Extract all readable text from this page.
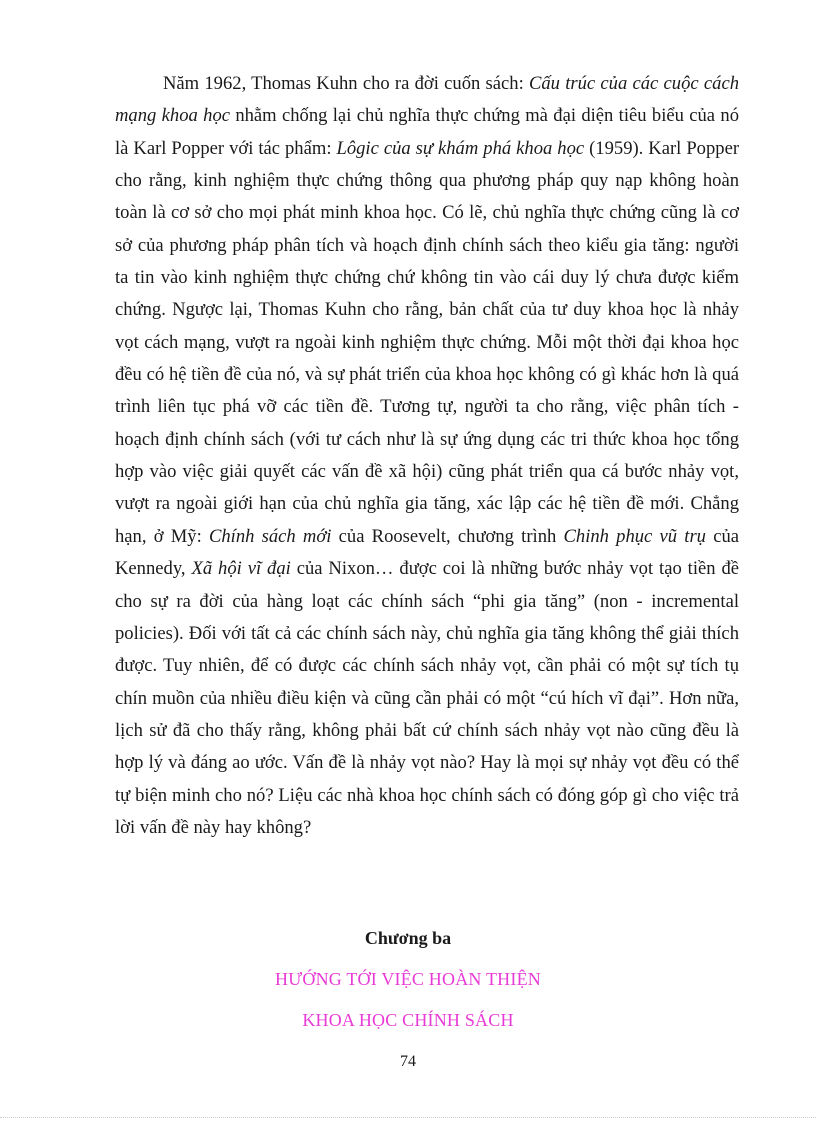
Năm 1962, Thomas Kuhn cho ra đời cuốn sách: Cấu trúc của các cuộc cách mạng khoa học nhằm chống lại chủ nghĩa thực chứng mà đại diện tiêu biểu của nó là Karl Popper với tác phẩm: Lôgic của sự khám phá khoa học (1959). Karl Popper cho rằng, kinh nghiệm thực chứng thông qua phương pháp quy nạp không hoàn toàn là cơ sở cho mọi phát minh khoa học. Có lẽ, chủ nghĩa thực chứng cũng là cơ sở của phương pháp phân tích và hoạch định chính sách theo kiểu gia tăng: người ta tin vào kinh nghiệm thực chứng chứ không tin vào cái duy lý chưa được kiểm chứng. Ngược lại, Thomas Kuhn cho rằng, bản chất của tư duy khoa học là nhảy vọt cách mạng, vượt ra ngoài kinh nghiệm thực chứng. Mỗi một thời đại khoa học đều có hệ tiền đề của nó, và sự phát triển của khoa học không có gì khác hơn là quá trình liên tục phá vỡ các tiền đề. Tương tự, người ta cho rằng, việc phân tích - hoạch định chính sách (với tư cách như là sự ứng dụng các tri thức khoa học tổng hợp vào việc giải quyết các vấn đề xã hội) cũng phát triển qua cá bước nhảy vọt, vượt ra ngoài giới hạn của chủ nghĩa gia tăng, xác lập các hệ tiền đề mới. Chẳng hạn, ở Mỹ: Chính sách mới của Roosevelt, chương trình Chinh phục vũ trụ của Kennedy, Xã hội vĩ đại của Nixon… được coi là những bước nhảy vọt tạo tiền đề cho sự ra đời của hàng loạt các chính sách “phi gia tăng” (non - incremental policies). Đối với tất cả các chính sách này, chủ nghĩa gia tăng không thể giải thích được. Tuy nhiên, để có được các chính sách nhảy vọt, cần phải có một sự tích tụ chín muồn của nhiều điều kiện và cũng cần phải có một “cú hích vĩ đại”. Hơn nữa, lịch sử đã cho thấy rằng, không phải bất cứ chính sách nhảy vọt nào cũng đều là hợp lý và đáng ao ước. Vấn đề là nhảy vọt nào? Hay là mọi sự nhảy vọt đều có thể tự biện minh cho nó? Liệu các nhà khoa học chính sách có đóng góp gì cho việc trả lời vấn đề này hay không?

Chương ba

HƯỚNG TỚI VIỆC HOÀN THIỆN

KHOA HỌC CHÍNH SÁCH

74
